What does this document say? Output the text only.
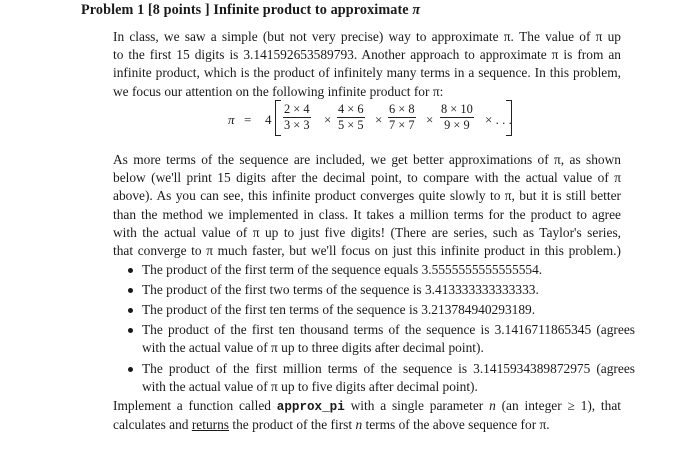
Problem 1 [8 points ] Infinite product to approximate π
In class, we saw a simple (but not very precise) way to approximate π. The value of π up
to the first 15 digits is 3.141592653589793. Another approach to approximate π is from an
infinite product, which is the product of infinitely many terms in a sequence. In this problem,
we focus our attention on the following infinite product for π:
$\pi = 4 \frac{2 \times 4}{3 \times 3} \times \frac{4 \times 6}{5 \times 5} \times \frac{6 \times 8}{7 \times 7} \times \frac{8 \times 10}{9 \times 9}$ × . . .
As more terms of the sequence are included, we get better approximations of π, as shown
below (we'll print 15 digits after the decimal point, to compare with the actual value of π
above). As you can see, this infinite product converges quite slowly to π, but it is still better
than the method we implemented in class. It takes a million terms for the product to agree
with the actual value of π up to just five digits! (There are series, such as Taylor's series,
that converge to π much faster, but we'll focus on just this infinite product in this problem.)
The product of the first term of the sequence equals 3.5555555555555554.
The product of the first two terms of the sequence is 3.413333333333333.
The product of the first ten terms of the sequence is 3.213784940293189.
The product of the first ten thousand terms of the sequence is 3.1416711865345 (agrees
with the actual value of π up to three digits after decimal point).
The product of the first million terms of the sequence is 3.1415934389872975 (agrees
with the actual value of π up to five digits after decimal point).
Implement a function called approx_pi with a single parameter n (an integer ≥ 1), that
calculates and returns the product of the first n terms of the above sequence for π.
